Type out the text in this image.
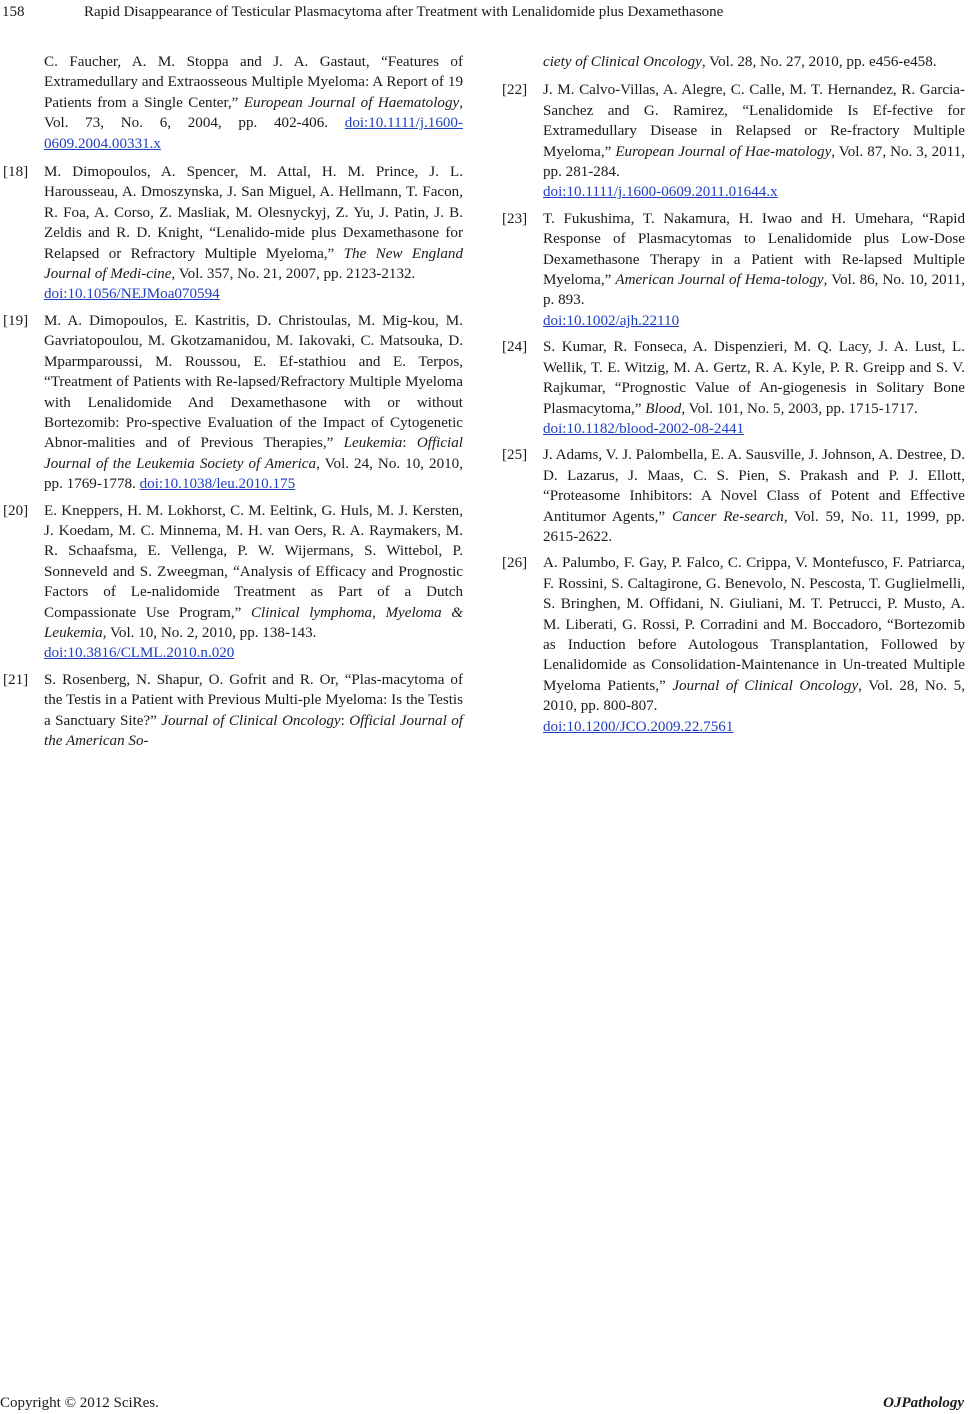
158	Rapid Disappearance of Testicular Plasmacytoma after Treatment with Lenalidomide plus Dexamethasone
C. Faucher, A. M. Stoppa and J. A. Gastaut, “Features of Extramedullary and Extraosseous Multiple Myeloma: A Report of 19 Patients from a Single Center,” European Journal of Haematology, Vol. 73, No. 6, 2004, pp. 402-406. doi:10.1111/j.1600-0609.2004.00331.x
[18] M. Dimopoulos, A. Spencer, M. Attal, H. M. Prince, J. L. Harousseau, A. Dmoszynska, J. San Miguel, A. Hellmann, T. Facon, R. Foa, A. Corso, Z. Masliak, M. Olesnyckyj, Z. Yu, J. Patin, J. B. Zeldis and R. D. Knight, “Lenalido-mide plus Dexamethasone for Relapsed or Refractory Multiple Myeloma,” The New England Journal of Medi-cine, Vol. 357, No. 21, 2007, pp. 2123-2132.
doi:10.1056/NEJMoa070594
[19] M. A. Dimopoulos, E. Kastritis, D. Christoulas, M. Mig-kou, M. Gavriatopoulou, M. Gkotzamanidou, M. Iakovaki, C. Matsouka, D. Mparmparoussi, M. Roussou, E. Ef-stathiou and E. Terpos, “Treatment of Patients with Re-lapsed/Refractory Multiple Myeloma with Lenalidomide And Dexamethasone with or without Bortezomib: Pro-spective Evaluation of the Impact of Cytogenetic Abnor-malities and of Previous Therapies,” Leukemia: Official Journal of the Leukemia Society of America, Vol. 24, No. 10, 2010, pp. 1769-1778. doi:10.1038/leu.2010.175
[20] E. Kneppers, H. M. Lokhorst, C. M. Eeltink, G. Huls, M. J. Kersten, J. Koedam, M. C. Minnema, M. H. van Oers, R. A. Raymakers, M. R. Schaafsma, E. Vellenga, P. W. Wijermans, S. Wittebol, P. Sonneveld and S. Zweegman, “Analysis of Efficacy and Prognostic Factors of Le-nalidomide Treatment as Part of a Dutch Compassionate Use Program,” Clinical lymphoma, Myeloma & Leukemia, Vol. 10, No. 2, 2010, pp. 138-143.
doi:10.3816/CLML.2010.n.020
[21] S. Rosenberg, N. Shapur, O. Gofrit and R. Or, “Plas-macytoma of the Testis in a Patient with Previous Multi-ple Myeloma: Is the Testis a Sanctuary Site?” Journal of Clinical Oncology: Official Journal of the American So-
ciety of Clinical Oncology, Vol. 28, No. 27, 2010, pp. e456-e458.
[22] J. M. Calvo-Villas, A. Alegre, C. Calle, M. T. Hernandez, R. Garcia-Sanchez and G. Ramirez, “Lenalidomide Is Ef-fective for Extramedullary Disease in Relapsed or Re-fractory Multiple Myeloma,” European Journal of Hae-matology, Vol. 87, No. 3, 2011, pp. 281-284.
doi:10.1111/j.1600-0609.2011.01644.x
[23] T. Fukushima, T. Nakamura, H. Iwao and H. Umehara, “Rapid Response of Plasmacytomas to Lenalidomide plus Low-Dose Dexamethasone Therapy in a Patient with Re-lapsed Multiple Myeloma,” American Journal of Hema-tology, Vol. 86, No. 10, 2011, p. 893.
doi:10.1002/ajh.22110
[24] S. Kumar, R. Fonseca, A. Dispenzieri, M. Q. Lacy, J. A. Lust, L. Wellik, T. E. Witzig, M. A. Gertz, R. A. Kyle, P. R. Greipp and S. V. Rajkumar, “Prognostic Value of An-giogenesis in Solitary Bone Plasmacytoma,” Blood, Vol. 101, No. 5, 2003, pp. 1715-1717.
doi:10.1182/blood-2002-08-2441
[25] J. Adams, V. J. Palombella, E. A. Sausville, J. Johnson, A. Destree, D. D. Lazarus, J. Maas, C. S. Pien, S. Prakash and P. J. Ellott, “Proteasome Inhibitors: A Novel Class of Potent and Effective Antitumor Agents,” Cancer Re-search, Vol. 59, No. 11, 1999, pp. 2615-2622.
[26] A. Palumbo, F. Gay, P. Falco, C. Crippa, V. Montefusco, F. Patriarca, F. Rossini, S. Caltagirone, G. Benevolo, N. Pescosta, T. Guglielmelli, S. Bringhen, M. Offidani, N. Giuliani, M. T. Petrucci, P. Musto, A. M. Liberati, G. Rossi, P. Corradini and M. Boccadoro, “Bortezomib as Induction before Autologous Transplantation, Followed by Lenalidomide as Consolidation-Maintenance in Un-treated Multiple Myeloma Patients,” Journal of Clinical Oncology, Vol. 28, No. 5, 2010, pp. 800-807.
doi:10.1200/JCO.2009.22.7561
Copyright © 2012 SciRes.	OJPathology
